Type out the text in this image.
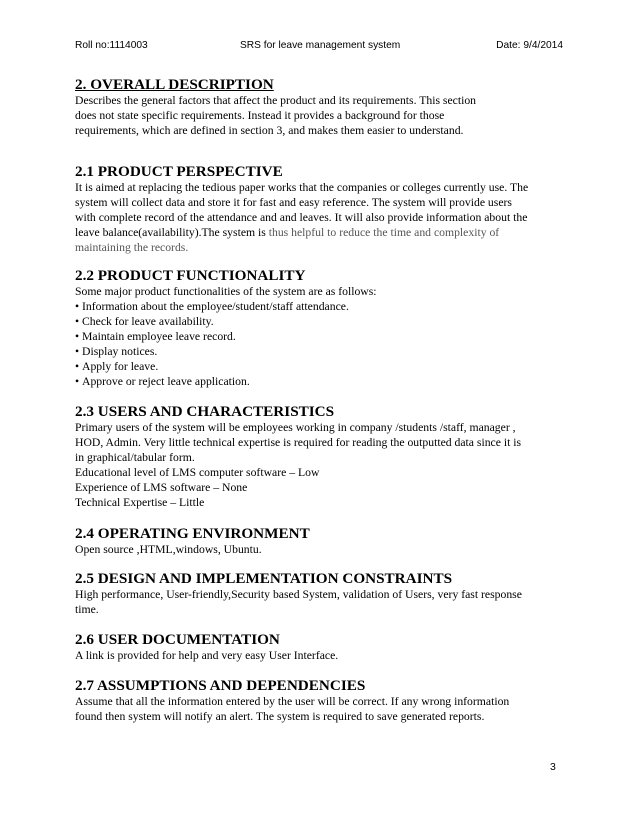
Roll no:1114003	SRS for leave management system	Date: 9/4/2014
2. OVERALL DESCRIPTION
Describes the general factors that affect the product and its requirements. This section
does not state specific requirements. Instead it provides a background for those
requirements, which are defined in section 3, and makes them easier to understand.
2.1 PRODUCT PERSPECTIVE
It is aimed at replacing the tedious paper works that the companies or colleges currently use. The
system will collect data and store it for fast and easy reference. The system will provide users
with complete record of the attendance and and leaves. It will also provide information about the
leave balance(availability).The system is thus helpful to reduce the time and complexity of
maintaining the records.
2.2 PRODUCT FUNCTIONALITY
Some major product functionalities of the system are as follows:
• Information about the employee/student/staff attendance.
• Check for leave availability.
• Maintain employee leave record.
• Display notices.
• Apply for leave.
• Approve or reject leave application.
2.3 USERS AND CHARACTERISTICS
Primary users of the system will be employees working in company /students /staff, manager ,
HOD, Admin. Very little technical expertise is required for reading the outputted data since it is
in graphical/tabular form.
Educational level of LMS computer software – Low
Experience of LMS software – None
Technical Expertise – Little
2.4 OPERATING ENVIRONMENT
Open source ,HTML,windows, Ubuntu.
2.5 DESIGN AND IMPLEMENTATION CONSTRAINTS
High performance, User-friendly,Security based System, validation of Users, very fast response
time.
2.6 USER DOCUMENTATION
A link is provided for help and very easy User Interface.
2.7 ASSUMPTIONS AND DEPENDENCIES
Assume that all the information entered by the user will be correct. If any wrong information
found then system will notify an alert. The system is required to save generated reports.
3
